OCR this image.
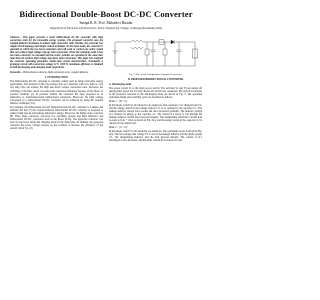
Bidirectional Double-Boost DC-DC Converter
Sutapa R. R. Prof. Mahadevi Biradar
Department of Electrical and Electronics, P.D.A. Engineering College, Gulbarga (Karnataka) India

Abstract— This paper presents a novel bidirectional DC-DC converter with high conversion ratio for the renewable energy systems. The proposed converter uses the coupled inductor technique to achieve high conversion ratio. Besides, the converter has simple circuit topology and simple control technique. In the boost mode, the converter is operated in which the two boost converters and will work to control one active switch that can achieve high voltage step-up ratio conversion. When the charging mode it has two buck converters in cascaded and the active switches are operated at the same duty ratio that can achieve high voltage step-down ratio conversion. This paper has analyzed the converter operating principles, steady-state circuit characteristics. Eventually, a prototype circuit with conversion voltage 12 V, 1000 W, maximum efficiency is obtained at both discharging and charging mode respectively.

Keywords— Bidirectional converter, high conversion ratio, coupled inductor.

I. INTRODUCTION

The bidirectional DC-DC converter is currently widely used in many renewable energy applications. The batteries in the low-voltage side are connected with very high or very low duty ratio can achieve the high step-down voltage conversion ratio. However, the switching or the filter circuit can reduce the conversion efficiency because of the effects of parasitic elements [2]. In previous studies, the converter has been proposed as an alternative to transformer-based bidirectional converters. Moreover, the high voltage conversion of a bidirectional DC-DC converter can be achieved by using the coupled inductor technique [3-6].

For example, the bidirectional forward flyback/forward DC-DC converter is a simple and efficient and that [7] the coupled-inductor bidirectional DC-DC converter is proposed to achieve high step-up and leakage inductance energy. Moreover, the higher-order converter [8]. Thus, these converters can have low switching stresses and high efficiency and bidirectional DC-DC converters such as the Boost [9-10]. The proposed converter was used for the boost mode and charging mode in the same time. In addition, the proposed converter has lower voltage stresses on the switches to increase the efficiency of the overall circuit [11-12].

Fig. 1. The circuit configuration of proposed converter.
II. PROPOSED BIDIRECTIONAL CONVERTER
A. Discharging mode

The power switch S1 is the main power switch. The switches S2 and S3 are turned off during entire period but for body diodes. D2 and D3 are conducted. The typical waveforms of the proposed converter in the discharging mode are shown in Fig. 2. The operating principles during one switching cycle are described as follows.

Mode 1 : [t0 ~ t1]

In this mode, switch S1 and diode D1 are turned on. The capacitor C1 is charged from VL, and the energy stored in the leakage inductor of L1 is released to the capacitor C1. The leakage inductor current iLk1 reaches the iLk1 decreased gradually. The inductor voltage vL1 releases its energy to the capacitor C1. The current iL2 flows to Cm through the leakage inductor current iLk2 increases linearly. The magnetizing inductance current iLm is equal to iLk1 + iLk2 as shown in Fig. 2(a), and the energy stored in the capacitor C2 is released to the output load.

Mode 2 : [t1 ~ t2]

In this mode, switch S1 and diode D1 are turned on. The equivalent circuit is shown in Fig. 2(b). The low-voltage side voltage VL is across the leakage inductor and the diode voltage VL. The magnetizing inductor, and the iLm increase linearly. The current of iL1 discharged is also increased, and the diode current iD is reduced to zero.
